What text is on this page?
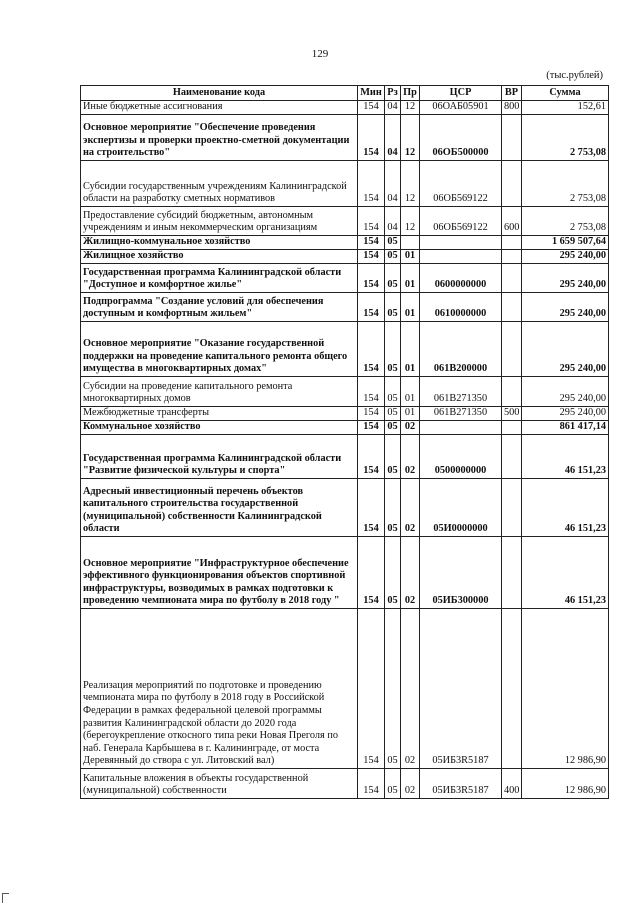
129
(тыс.рублей)
Наименование кода	Мин	Рз	Пр	ЦСР	ВР	Сумма
Иные бюджетные ассигнования	154	04	12	06ОАБ05901	800	152,61
Основное мероприятие "Обеспечение проведения экспертизы и проверки проектно-сметной документации на строительство"	154	04	12	06ОБ500000		2 753,08
Субсидии государственным учреждениям Калининградской области на разработку сметных нормативов	154	04	12	06ОБ569122		2 753,08
Предоставление субсидий бюджетным, автономным учреждениям и иным некоммерческим организациям	154	04	12	06ОБ569122	600	2 753,08
Жилищно-коммунальное хозяйство	154	05				1 659 507,64
Жилищное хозяйство	154	05	01			295 240,00
Государственная программа Калининградской области "Доступное и комфортное жилье"	154	05	01	0600000000		295 240,00
Подпрограмма "Создание условий для обеспечения доступным и комфортным жильем"	154	05	01	0610000000		295 240,00
Основное мероприятие "Оказание государственной поддержки на проведение капитального ремонта общего имущества в многоквартирных домах"	154	05	01	061В200000		295 240,00
Субсидии на проведение капитального ремонта многоквартирных домов	154	05	01	061В271350		295 240,00
Межбюджетные трансферты	154	05	01	061В271350	500	295 240,00
Коммунальное хозяйство	154	05	02			861 417,14
Государственная программа Калининградской области "Развитие физической культуры и спорта"	154	05	02	0500000000		46 151,23
Адресный инвестиционный перечень объектов капитального строительства государственной (муниципальной) собственности Калининградской области	154	05	02	05И0000000		46 151,23
Основное мероприятие "Инфраструктурное обеспечение эффективного функционирования объектов спортивной инфраструктуры, возводимых в рамках подготовки к проведению чемпионата мира по футболу в 2018 году "	154	05	02	05ИБ300000		46 151,23
Реализация мероприятий по подготовке и проведению чемпионата мира по футболу в 2018 году в Российской Федерации в рамках федеральной целевой программы развития Калининградской области до 2020 года (берегоукрепление откосного типа реки Новая Преголя по наб. Генерала Карбышева в г. Калининграде, от моста Деревянный до створа с ул. Литовский вал)	154	05	02	05ИБ3R5187		12 986,90
Капитальные вложения в объекты государственной (муниципальной) собственности	154	05	02	05ИБ3R5187	400	12 986,90
